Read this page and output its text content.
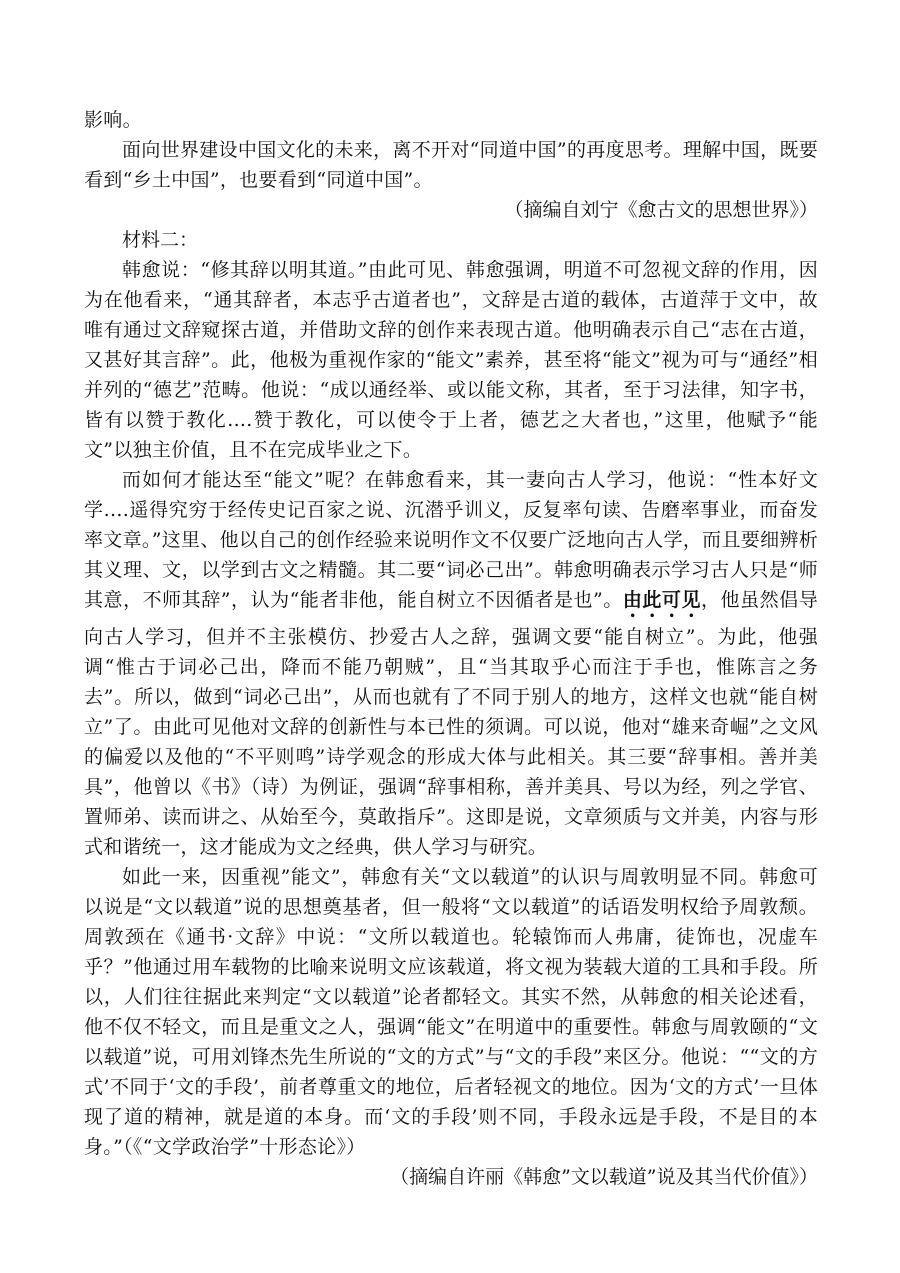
影响。

面向世界建设中国文化的未来，离不开对“同道中国”的再度思考。理解中国，既要看到“乡土中国”，也要看到“同道中国”。

（摘编自刘宁《愈古文的思想世界》）

材料二：

韩愈说：“修其辞以明其道。”由此可见、韩愈强调，明道不可忽视文辞的作用，因为在他看来，“通其辞者，本志乎古道者也”，文辞是古道的载体，古道萍于文中，故唯有通过文辞窥探古道，并借助文辞的创作来表现古道。他明确表示自己“志在古道，又甚好其言辞”。此，他极为重视作家的“能文”素养，甚至将“能文”视为可与“通经”相并列的“德艺”范畴。他说：“成以通经举、或以能文称，其者，至于习法律，知字书，皆有以赞于教化....赞于教化，可以使令于上者，德艺之大者也，”这里，他赋予“能文”以独主价值，且不在完成毕业之下。

而如何才能达至“能文”呢？在韩愈看来，其一妻向古人学习，他说：“性本好文学....遥得究穷于经传史记百家之说、沉潜乎训义，反复率句读、告磨率事业，而奋发率文章。”这里、他以自己的创作经验来说明作文不仅要广泛地向古人学，而且要细辨析其义理、文，以学到古文之精髓。其二要“词必己出”。韩愈明确表示学习古人只是“师其意，不师其辞”，认为“能者非他，能自树立不因循者是也”。由此可见，他虽然倡导向古人学习，但并不主张模仿、抄爱古人之辞，强调文要“能自树立”。为此，他强调“惟古于词必己出，降而不能乃朝贼”，且“当其取乎心而注于手也，惟陈言之务去”。所以，做到“词必己出”，从而也就有了不同于别人的地方，这样文也就“能自树立”了。由此可见他对文辞的创新性与本已性的须调。可以说，他对“雄来奇崛”之文风的偏爱以及他的“不平则鸣”诗学观念的形成大体与此相关。其三要“辞事相。善并美具”，他曾以《书》（诗）为例证，强调“辞事相称，善并美具、号以为经，列之学官、置师弟、读而讲之、从始至今，莫敢指斥”。这即是说，文章须质与文并美，内容与形式和谐统一，这才能成为文之经典，供人学习与研究。

如此一来，因重视”能文”，韩愈有关“文以载道”的认识与周敦明显不同。韩愈可以说是“文以载道”说的思想奠基者，但一般将“文以载道”的话语发明权给予周敦颓。周敦颈在《通书·文辞》中说：“文所以载道也。轮辕饰而人弗庸，徒饰也，况虚车乎？”他通过用车载物的比喻来说明文应该载道，将文视为装载大道的工具和手段。所以，人们往往据此来判定“文以载道”论者都轻文。其实不然，从韩愈的相关论述看，他不仅不轻文，而且是重文之人，强调“能文”在明道中的重要性。韩愈与周敦颐的“文以载道”说，可用刘锋杰先生所说的“文的方式”与“文的手段”来区分。他说：““文的方式’不同于‘文的手段’，前者尊重文的地位，后者轻视文的地位。因为‘文的方式’一旦体现了道的精神，就是道的本身。而‘文的手段’则不同，手段永远是手段，不是目的本身。”（《“文学政治学”十形态论》）

（摘编自许丽《韩愈”文以载道”说及其当代价值》）
